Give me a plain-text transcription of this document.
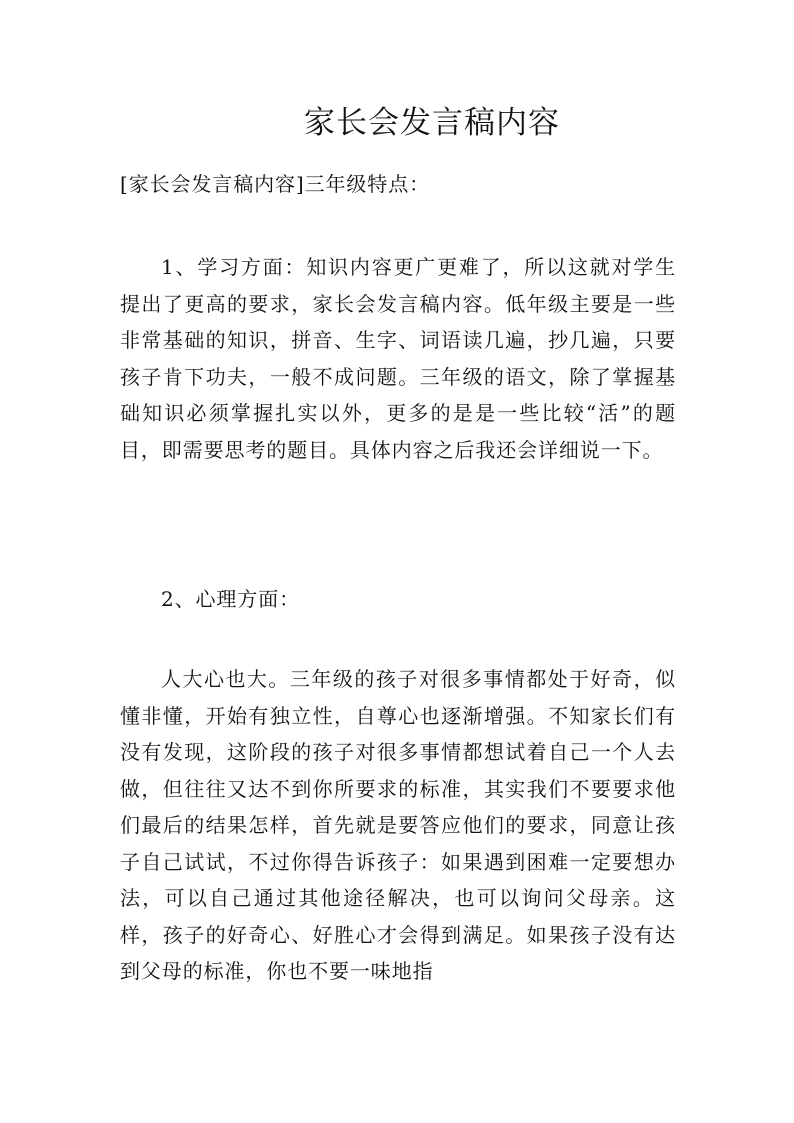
家长会发言稿内容

[家长会发言稿内容]三年级特点：

1、学习方面：知识内容更广更难了，所以这就对学生提出了更高的要求，家长会发言稿内容。低年级主要是一些非常基础的知识，拼音、生字、词语读几遍，抄几遍，只要孩子肯下功夫，一般不成问题。三年级的语文，除了掌握基础知识必须掌握扎实以外，更多的是是一些比较“活”的题目，即需要思考的题目。具体内容之后我还会详细说一下。

2、心理方面：

人大心也大。三年级的孩子对很多事情都处于好奇，似懂非懂，开始有独立性，自尊心也逐渐增强。不知家长们有没有发现，这阶段的孩子对很多事情都想试着自己一个人去做，但往往又达不到你所要求的标准，其实我们不要要求他们最后的结果怎样，首先就是要答应他们的要求，同意让孩子自己试试，不过你得告诉孩子：如果遇到困难一定要想办法，可以自己通过其他途径解决，也可以询问父母亲。这样，孩子的好奇心、好胜心才会得到满足。如果孩子没有达到父母的标准，你也不要一味地指
